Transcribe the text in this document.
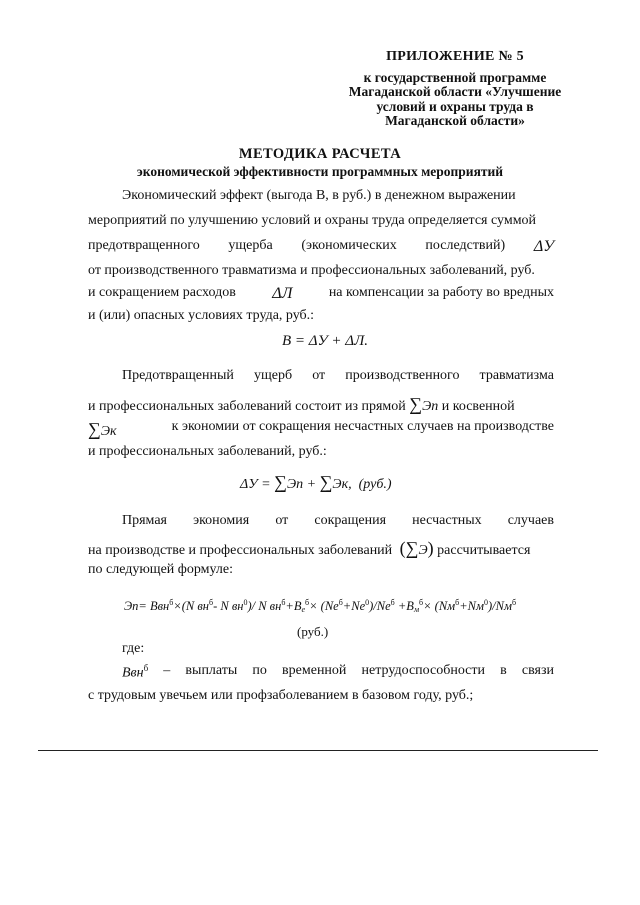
ПРИЛОЖЕНИЕ № 5
к государственной программе
Магаданской области «Улучшение
условий и охраны труда в
Магаданской области»
МЕТОДИКА РАСЧЕТА
экономической эффективности программных мероприятий
Экономический эффект (выгода В, в руб.) в денежном выражении
мероприятий по улучшению условий и охраны труда определяется суммой
предотвращенного ущерба (экономических последствий) ΔУ
от производственного травматизма и профессиональных заболеваний, руб.
и сокращением расходов ΔЛ	на компенсации за работу во вредных
и (или) опасных условиях труда, руб.:
В = ΔУ + ΔЛ.
Предотвращенный ущерб от производственного травматизма
и профессиональных заболеваний состоит из прямой ∑Эп и косвенной
∑Эк	к экономии от сокращения несчастных случаев на производстве
и профессиональных заболеваний, руб.:
ΔУ = ∑Эп + ∑Эк, (руб.)
Прямая экономия от сокращения несчастных случаев
на производстве и профессиональных заболеваний (∑Э) рассчитывается
по следующей формуле:
где:
Ввн$^б$ – выплаты по временной нетрудоспособности в связи
с трудовым увечьем или профзаболеванием в базовом году, руб.;
Эп= Ввн$^б$×(N $вн^б-$ N $вн^0)/$ N $вн^б+В_е^б\times (Ne^б+Ne^0)/Ne^б +В_м^б\times (Nм^б+Nм^0)/Nм^б$
(руб.)
